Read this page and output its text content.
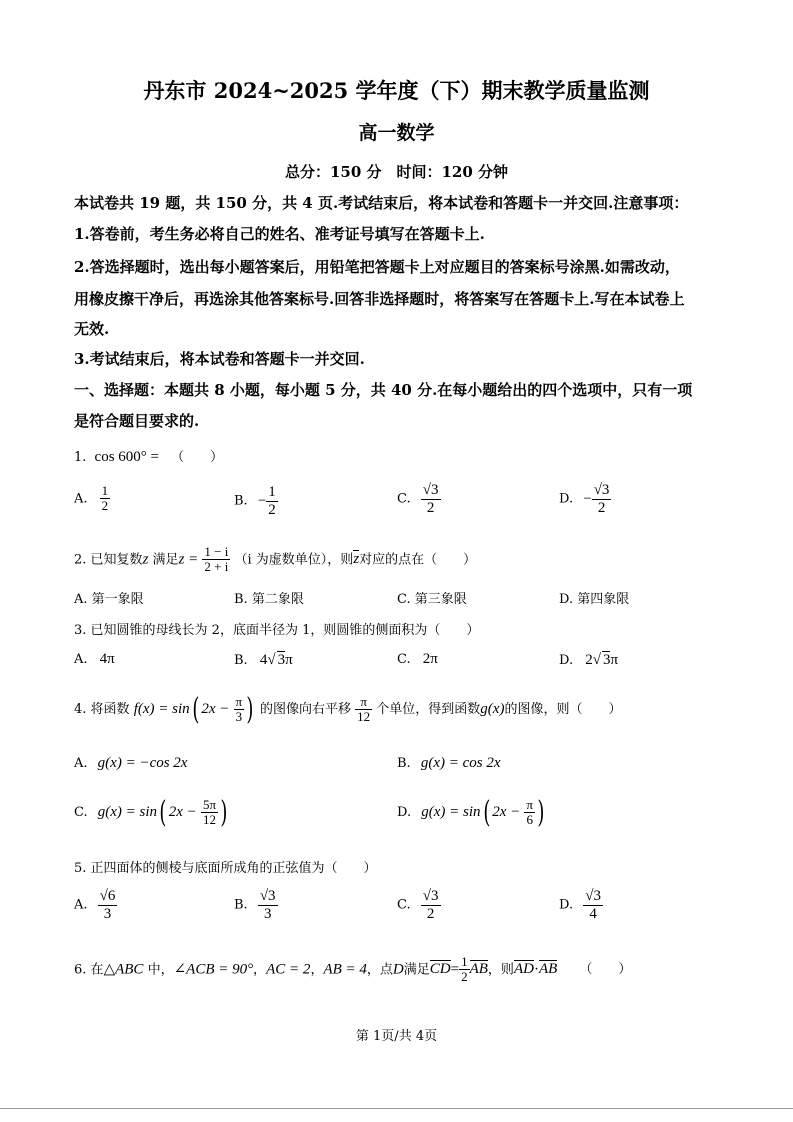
丹东市 2024~2025 学年度（下）期末教学质量监测
高一数学
总分：150 分　时间：120 分钟
本试卷共 19 题，共 150 分，共 4 页.考试结束后，将本试卷和答题卡一并交回.注意事项：
1.答卷前，考生务必将自己的姓名、准考证号填写在答题卡上.
2.答选择题时，选出每小题答案后，用铅笔把答题卡上对应题目的答案标号涂黑.如需改动，
用橡皮擦干净后，再选涂其他答案标号.回答非选择题时，将答案写在答题卡上.写在本试卷上
无效.
3.考试结束后，将本试卷和答题卡一并交回.
一、选择题：本题共 8 小题，每小题 5 分，共 40 分.在每小题给出的四个选项中，只有一项
是符合题目要求的.
1. cos 600° = （　　）
A. $\frac{1}{2}$	B. − $\frac{1}{2}$	C. $\frac{√3}{2}$	D. − $\frac{√3}{2}$
2. 已知复数z 满足$z = \frac{1 - i}{2 + i} (i$ 为虚数单位），则z对应的点在（　　）
A. 第一象限	B. 第二象限	C. 第三象限	D. 第四象限
3. 已知圆锥的母线长为 2，底面半径为 1，则圆锥的侧面积为（　　）
A. 4π	B. 4√ 3π	C. 2π	D. 2√ 3π
4. 将函数 f(x) = sin( $2x - \frac{\pi}{3}$ ) 的图像向右平移 $\frac{\pi}{12}$ 个单位，得到函数g(x)的图像，则（　　）
A. g(x) = −cos 2x	B. g(x) = cos 2x
C. g(x) = sin( $2x - \frac{5\pi}{12}$ )	D. g(x) = sin( $2x - \frac{\pi}{6}$ )
5. 正四面体的侧棱与底面所成角的正弦值为（　　）
A. $\frac{√6}{3}$	B. $\frac{√3}{3}$	C. $\frac{√3}{2}$	D. $\frac{√3}{4}$
6. 在△ABC 中，∠ACB = 90°，AC = 2，AB = 4，点D满足$CD= \frac{1}{2}$ AB，则AD·AB （　　）
第 1页/共 4页
